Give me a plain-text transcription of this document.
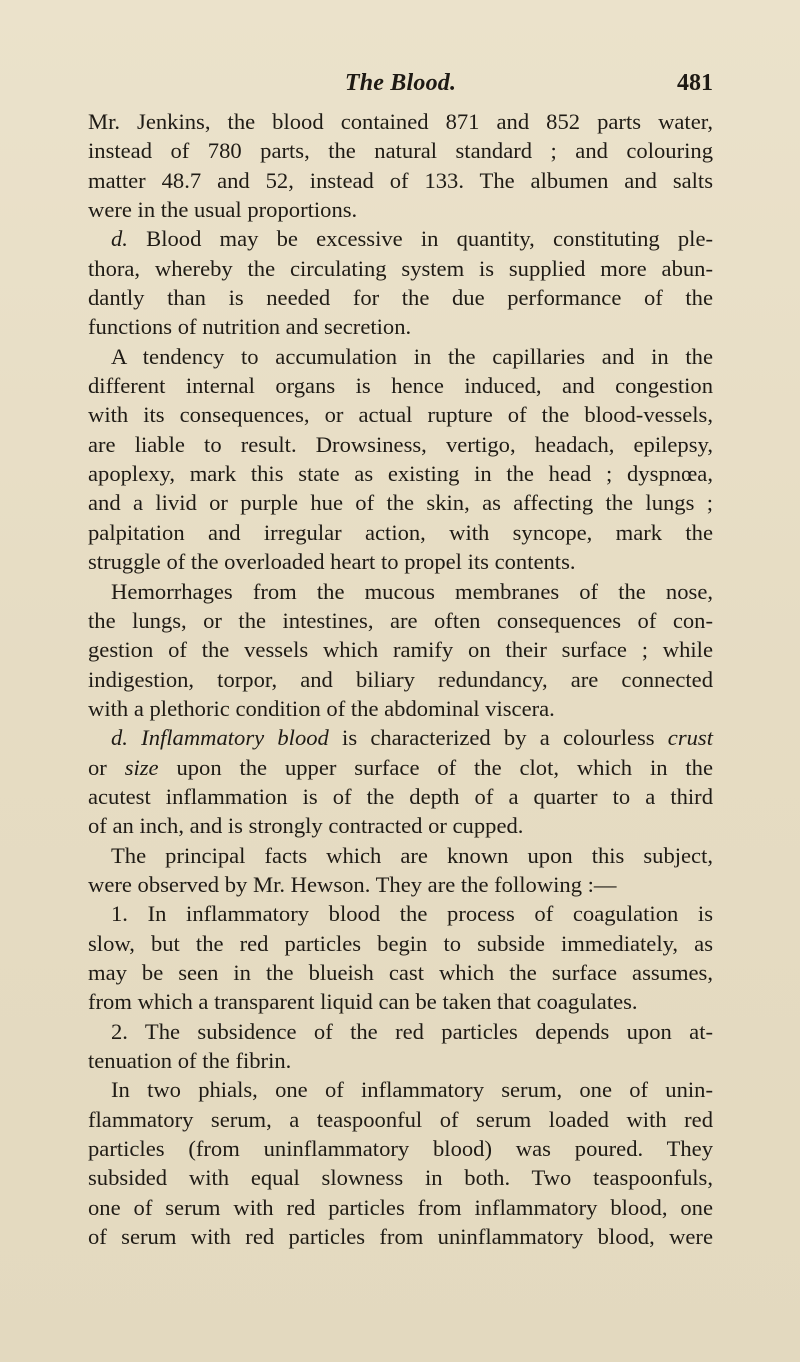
The Blood.	481
Mr. Jenkins, the blood contained 871 and 852 parts water,
instead of 780 parts, the natural standard ; and colouring
matter 48.7 and 52, instead of 133. The albumen and salts
were in the usual proportions.
d. Blood may be excessive in quantity, constituting ple-
thora, whereby the circulating system is supplied more abun-
dantly than is needed for the due performance of the
functions of nutrition and secretion.
A tendency to accumulation in the capillaries and in the
different internal organs is hence induced, and congestion
with its consequences, or actual rupture of the blood-vessels,
are liable to result. Drowsiness, vertigo, headach, epilepsy,
apoplexy, mark this state as existing in the head ; dyspnœa,
and a livid or purple hue of the skin, as affecting the lungs ;
palpitation and irregular action, with syncope, mark the
struggle of the overloaded heart to propel its contents.
Hemorrhages from the mucous membranes of the nose,
the lungs, or the intestines, are often consequences of con-
gestion of the vessels which ramify on their surface ; while
indigestion, torpor, and biliary redundancy, are connected
with a plethoric condition of the abdominal viscera.
d. Inflammatory blood is characterized by a colourless crust
or size upon the upper surface of the clot, which in the
acutest inflammation is of the depth of a quarter to a third
of an inch, and is strongly contracted or cupped.
The principal facts which are known upon this subject,
were observed by Mr. Hewson. They are the following :—
1. In inflammatory blood the process of coagulation is
slow, but the red particles begin to subside immediately, as
may be seen in the blueish cast which the surface assumes,
from which a transparent liquid can be taken that coagulates.
2. The subsidence of the red particles depends upon at-
tenuation of the fibrin.
In two phials, one of inflammatory serum, one of unin-
flammatory serum, a teaspoonful of serum loaded with red
particles (from uninflammatory blood) was poured. They
subsided with equal slowness in both. Two teaspoonfuls,
one of serum with red particles from inflammatory blood, one
of serum with red particles from uninflammatory blood, were
